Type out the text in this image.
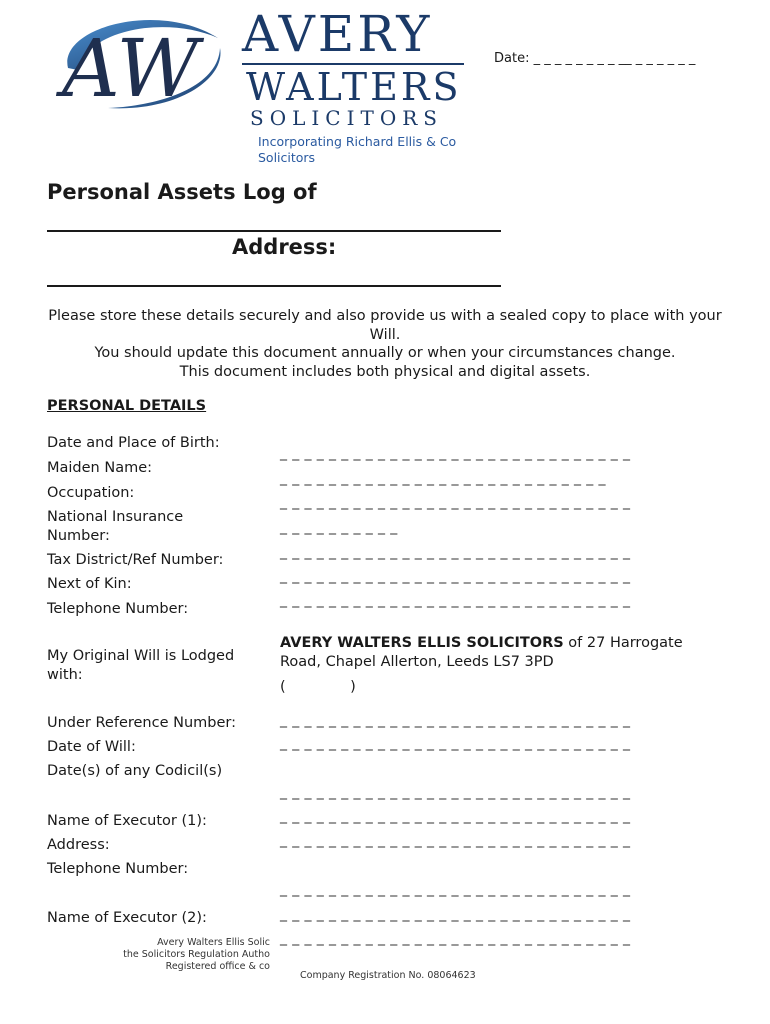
AW AVERY
WALTERS
SOLICITORS
Incorporating Richard Ellis & Co Solicitors
Date: _ _ _ _ _ _ _ _ __ _ _ _ _ _ _
Personal Assets Log of
Address:
Please store these details securely and also provide us with a sealed copy to place with your Will.
You should update this document annually or when your circumstances change.
This document includes both physical and digital assets.
PERSONAL DETAILS
Date and Place of Birth:
Maiden Name:
Occupation:
National Insurance Number:
Tax District/Ref Number:
Next of Kin:
Telephone Number:
My Original Will is Lodged with:
Under Reference Number:
Date of Will:
Date(s) of any Codicil(s)
Name of Executor (1):
Address:
Telephone Number:
Name of Executor (2):
_ _ _ _ _ _ _ _ _ _ _ _ _ _ _ _ _ _ _ _ _ _ _ _ _ _ _ _ _
_ _ _ _ _ _ _ _ _ _ _ _ _ _ _ _ _ _ _ _ _ _ _ _ _ _ _
_ _ _ _ _ _ _ _ _ _ _ _ _ _ _ _ _ _ _ _ _ _ _ _ _ _ _ _ _
_ _ _ _ _ _ _ _ _ _
_ _ _ _ _ _ _ _ _ _ _ _ _ _ _ _ _ _ _ _ _ _ _ _ _ _ _ _ _
_ _ _ _ _ _ _ _ _ _ _ _ _ _ _ _ _ _ _ _ _ _ _ _ _ _ _ _ _
_ _ _ _ _ _ _ _ _ _ _ _ _ _ _ _ _ _ _ _ _ _ _ _ _ _ _ _ _
AVERY WALTERS ELLIS SOLICITORS of 27 Harrogate Road, Chapel Allerton, Leeds LS7 3PD
(              )
_ _ _ _ _ _ _ _ _ _ _ _ _ _ _ _ _ _ _ _ _ _ _ _ _ _ _ _ _
_ _ _ _ _ _ _ _ _ _ _ _ _ _ _ _ _ _ _ _ _ _ _ _ _ _ _ _ _
_ _ _ _ _ _ _ _ _ _ _ _ _ _ _ _ _ _ _ _ _ _ _ _ _ _ _ _ _
_ _ _ _ _ _ _ _ _ _ _ _ _ _ _ _ _ _ _ _ _ _ _ _ _ _ _ _ _
_ _ _ _ _ _ _ _ _ _ _ _ _ _ _ _ _ _ _ _ _ _ _ _ _ _ _ _ _
_ _ _ _ _ _ _ _ _ _ _ _ _ _ _ _ _ _ _ _ _ _ _ _ _ _ _ _ _
_ _ _ _ _ _ _ _ _ _ _ _ _ _ _ _ _ _ _ _ _ _ _ _ _ _ _ _ _
_ _ _ _ _ _ _ _ _ _ _ _ _ _ _ _ _ _ _ _ _ _ _ _ _ _ _ _ _
Avery Walters Ellis Solic
the Solicitors Regulation Autho
Registered office & co
Company Registration No. 08064623
